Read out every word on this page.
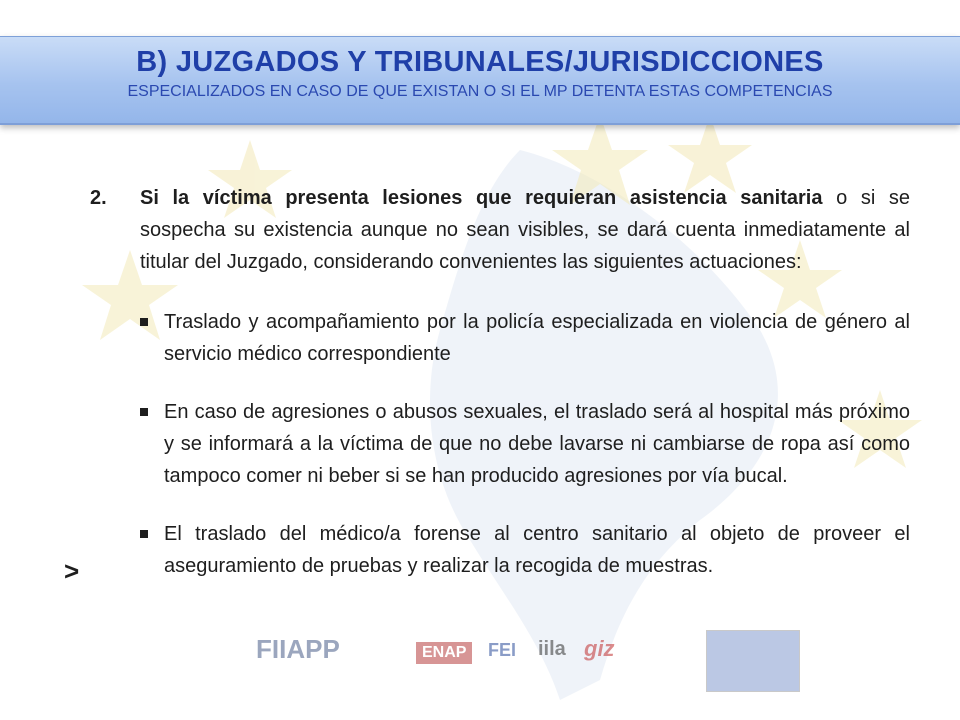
B) JUZGADOS Y TRIBUNALES/JURISDICCIONES
ESPECIALIZADOS EN CASO DE QUE EXISTAN O SI EL MP DETENTA ESTAS COMPETENCIAS
2. Si la víctima presenta lesiones que requieran asistencia sanitaria o si se sospecha su existencia aunque no sean visibles, se dará cuenta inmediatamente al titular del Juzgado, considerando convenientes las siguientes actuaciones:
Traslado y acompañamiento por la policía especializada en violencia de género al servicio médico correspondiente
En caso de agresiones o abusos sexuales, el traslado será al hospital más próximo y se informará a la víctima de que no debe lavarse ni cambiarse de ropa así como tampoco comer ni beber si se han producido agresiones por vía bucal.
El traslado del médico/a forense al centro sanitario al objeto de proveer el aseguramiento de pruebas y realizar la recogida de muestras.
>
FIIAPP	ENAP	FEI iila giz
